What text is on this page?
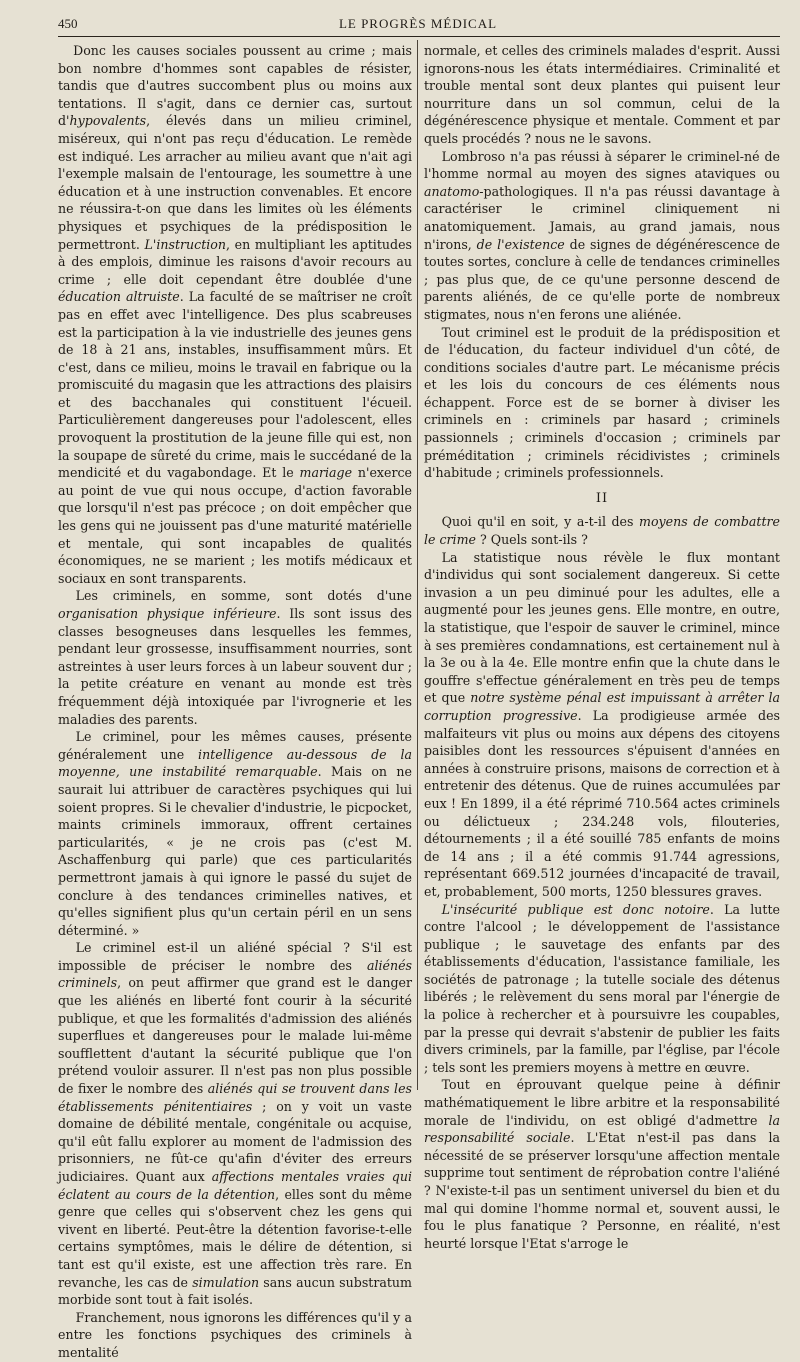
450	LE PROGRÈS MÉDICAL

Donc les causes sociales poussent au crime ; mais bon nombre d'hommes sont capables de résister, tandis que d'autres succombent plus ou moins aux tentations. Il s'agit, dans ce dernier cas, surtout d'hypovalents, élevés dans un milieu criminel, miséreux, qui n'ont pas reçu d'éducation. Le remède est indiqué. Les arracher au milieu avant que n'ait agi l'exemple malsain de l'entourage, les soumettre à une éducation et à une instruction convenables. Et encore ne réussira-t-on que dans les limites où les éléments physiques et psychiques de la prédisposition le permettront. L'instruction, en multipliant les aptitudes à des emplois, diminue les raisons d'avoir recours au crime ; elle doit cependant être doublée d'une éducation altruiste. La faculté de se maîtriser ne croît pas en effet avec l'intelligence. Des plus scabreuses est la participation à la vie industrielle des jeunes gens de 18 à 21 ans, instables, insuffisamment mûrs. Et c'est, dans ce milieu, moins le travail en fabrique ou la promiscuité du magasin que les attractions des plaisirs et des bacchanales qui constituent l'écueil. Particulièrement dangereuses pour l'adolescent, elles provoquent la prostitution de la jeune fille qui est, non la soupape de sûreté du crime, mais le succédané de la mendicité et du vagabondage. Et le mariage n'exerce au point de vue qui nous occupe, d'action favorable que lorsqu'il n'est pas précoce ; on doit empêcher que les gens qui ne jouissent pas d'une maturité matérielle et mentale, qui sont incapables de qualités économiques, ne se marient ; les motifs médicaux et sociaux en sont transparents.

Les criminels, en somme, sont dotés d'une organisation physique inférieure. Ils sont issus des classes besogneuses dans lesquelles les femmes, pendant leur grossesse, insuffisamment nourries, sont astreintes à user leurs forces à un labeur souvent dur ; la petite créature en venant au monde est très fréquemment déjà intoxiquée par l'ivrognerie et les maladies des parents.

Le criminel, pour les mêmes causes, présente généralement une intelligence au-dessous de la moyenne, une instabilité remarquable. Mais on ne saurait lui attribuer de caractères psychiques qui lui soient propres. Si le chevalier d'industrie, le picpocket, maints criminels immoraux, offrent certaines particularités, « je ne crois pas (c'est M. Aschaffenburg qui parle) que ces particularités permettront jamais à qui ignore le passé du sujet de conclure à des tendances criminelles natives, et qu'elles signifient plus qu'un certain péril en un sens déterminé. »

Le criminel est-il un aliéné spécial ? S'il est impossible de préciser le nombre des aliénés criminels, on peut affirmer que grand est le danger que les aliénés en liberté font courir à la sécurité publique, et que les formalités d'admission des aliénés superflues et dangereuses pour le malade lui-même soufflettent d'autant la sécurité publique que l'on prétend vouloir assurer. Il n'est pas non plus possible de fixer le nombre des aliénés qui se trouvent dans les établissements pénitentiaires ; on y voit un vaste domaine de débilité mentale, congénitale ou acquise, qu'il eût fallu explorer au moment de l'admission des prisonniers, ne fût-ce qu'afin d'éviter des erreurs judiciaires. Quant aux affections mentales vraies qui éclatent au cours de la détention, elles sont du même genre que celles qui s'observent chez les gens qui vivent en liberté. Peut-être la détention favorise-t-elle certains symptômes, mais le délire de détention, si tant est qu'il existe, est une affection très rare. En revanche, les cas de simulation sans aucun substratum morbide sont tout à fait isolés.

Franchement, nous ignorons les différences qu'il y a entre les fonctions psychiques des criminels à mentalité

normale, et celles des criminels malades d'esprit. Aussi ignorons-nous les états intermédiaires. Criminalité et trouble mental sont deux plantes qui puisent leur nourriture dans un sol commun, celui de la dégénérescence physique et mentale. Comment et par quels procédés ? nous ne le savons.

Lombroso n'a pas réussi à séparer le criminel-né de l'homme normal au moyen des signes ataviques ou anatomo-pathologiques. Il n'a pas réussi davantage à caractériser le criminel cliniquement ni anatomiquement. Jamais, au grand jamais, nous n'irons, de l'existence de signes de dégénérescence de toutes sortes, conclure à celle de tendances criminelles ; pas plus que, de ce qu'une personne descend de parents aliénés, de ce qu'elle porte de nombreux stigmates, nous n'en ferons une aliénée.

Tout criminel est le produit de la prédisposition et de l'éducation, du facteur individuel d'un côté, de conditions sociales d'autre part. Le mécanisme précis et les lois du concours de ces éléments nous échappent. Force est de se borner à diviser les criminels en : criminels par hasard ; criminels passionnels ; criminels d'occasion ; criminels par préméditation ; criminels récidivistes ; criminels d'habitude ; criminels professionnels.

II

Quoi qu'il en soit, y a-t-il des moyens de combattre le crime ? Quels sont-ils ?

La statistique nous révèle le flux montant d'individus qui sont socialement dangereux. Si cette invasion a un peu diminué pour les adultes, elle a augmenté pour les jeunes gens. Elle montre, en outre, la statistique, que l'espoir de sauver le criminel, mince à ses premières condamnations, est certainement nul à la 3e ou à la 4e. Elle montre enfin que la chute dans le gouffre s'effectue généralement en très peu de temps et que notre système pénal est impuissant à arrêter la corruption progressive. La prodigieuse armée des malfaiteurs vit plus ou moins aux dépens des citoyens paisibles dont les ressources s'épuisent d'années en années à construire prisons, maisons de correction et à entretenir des détenus. Que de ruines accumulées par eux ! En 1899, il a été réprimé 710.564 actes criminels ou délictueux ; 234.248 vols, filouteries, détournements ; il a été souillé 785 enfants de moins de 14 ans ; il a été commis 91.744 agressions, représentant 669.512 journées d'incapacité de travail, et, probablement, 500 morts, 1250 blessures graves.

L'insécurité publique est donc notoire. La lutte contre l'alcool ; le développement de l'assistance publique ; le sauvetage des enfants par des établissements d'éducation, l'assistance familiale, les sociétés de patronage ; la tutelle sociale des détenus libérés ; le relèvement du sens moral par l'énergie de la police à rechercher et à poursuivre les coupables, par la presse qui devrait s'abstenir de publier les faits divers criminels, par la famille, par l'église, par l'école ; tels sont les premiers moyens à mettre en œuvre.

Tout en éprouvant quelque peine à définir mathématiquement le libre arbitre et la responsabilité morale de l'individu, on est obligé d'admettre la responsabilité sociale. L'Etat n'est-il pas dans la nécessité de se préserver lorsqu'une affection mentale supprime tout sentiment de réprobation contre l'aliéné ? N'existe-t-il pas un sentiment universel du bien et du mal qui domine l'homme normal et, souvent aussi, le fou le plus fanatique ? Personne, en réalité, n'est heurté lorsque l'Etat s'arroge le
